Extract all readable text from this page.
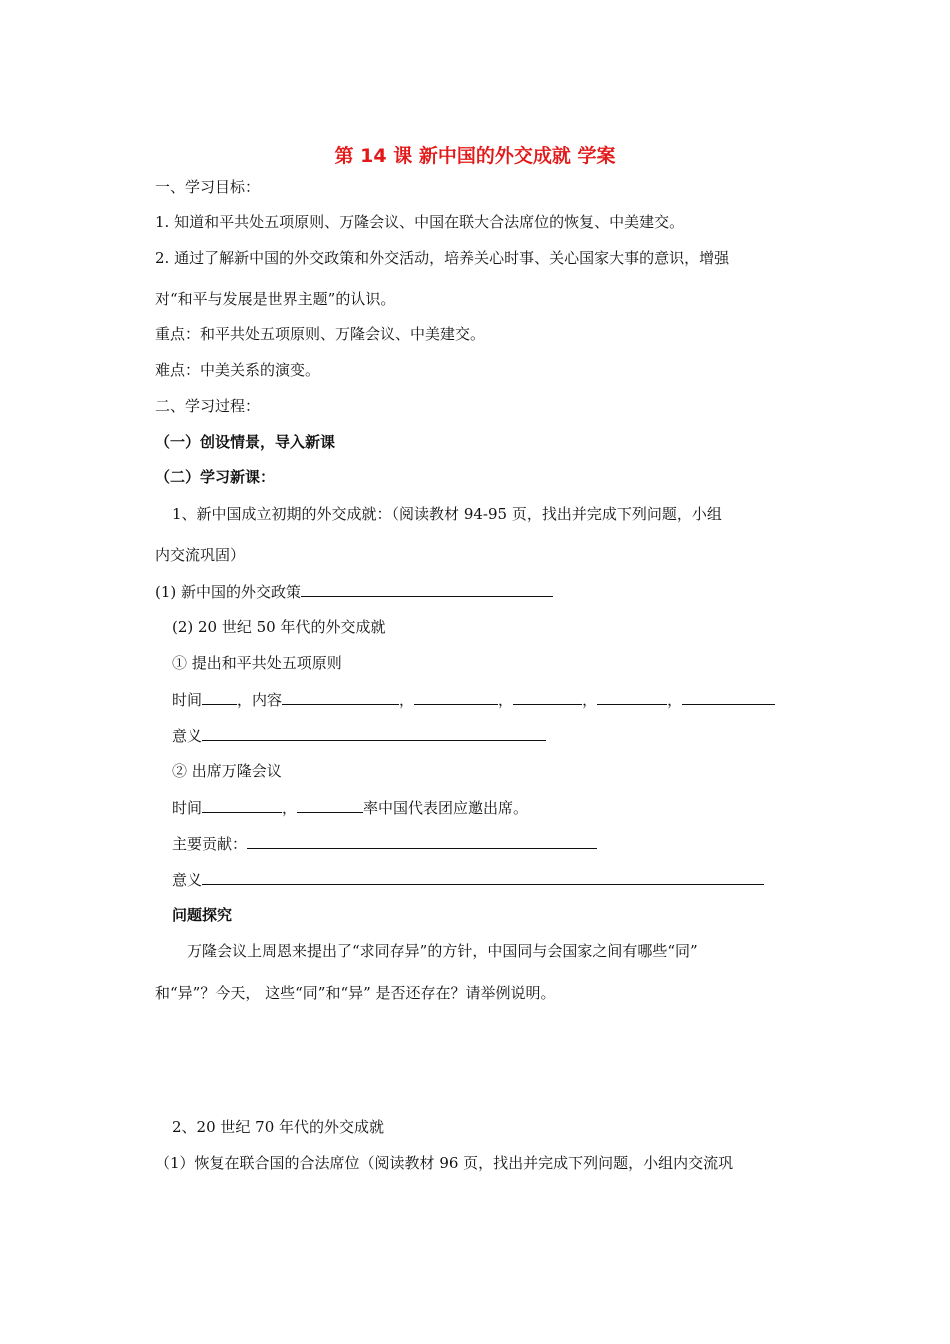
第 14 课 新中国的外交成就 学案
一、学习目标：
1. 知道和平共处五项原则、万隆会议、中国在联大合法席位的恢复、中美建交。
2. 通过了解新中国的外交政策和外交活动，培养关心时事、关心国家大事的意识，增强
对“和平与发展是世界主题”的认识。
重点：和平共处五项原则、万隆会议、中美建交。
难点：中美关系的演变。
二、学习过程：
（一）创设情景，导入新课
（二）学习新课：
1、新中国成立初期的外交成就：（阅读教材 94-95 页，找出并完成下列问题，小组
内交流巩固）
(1) 新中国的外交政策
(2) 20 世纪 50 年代的外交成就
① 提出和平共处五项原则
时间 ，内容	，	，	，	，
意义
② 出席万隆会议
时间	，	率中国代表团应邀出席。
主要贡献：
意义
问题探究
万隆会议上周恩来提出了“求同存异”的方针，中国同与会国家之间有哪些“同”
和“异”？今天， 这些“同”和“异” 是否还存在？请举例说明。
2、20 世纪 70 年代的外交成就
（1）恢复在联合国的合法席位（阅读教材 96 页，找出并完成下列问题，小组内交流巩
